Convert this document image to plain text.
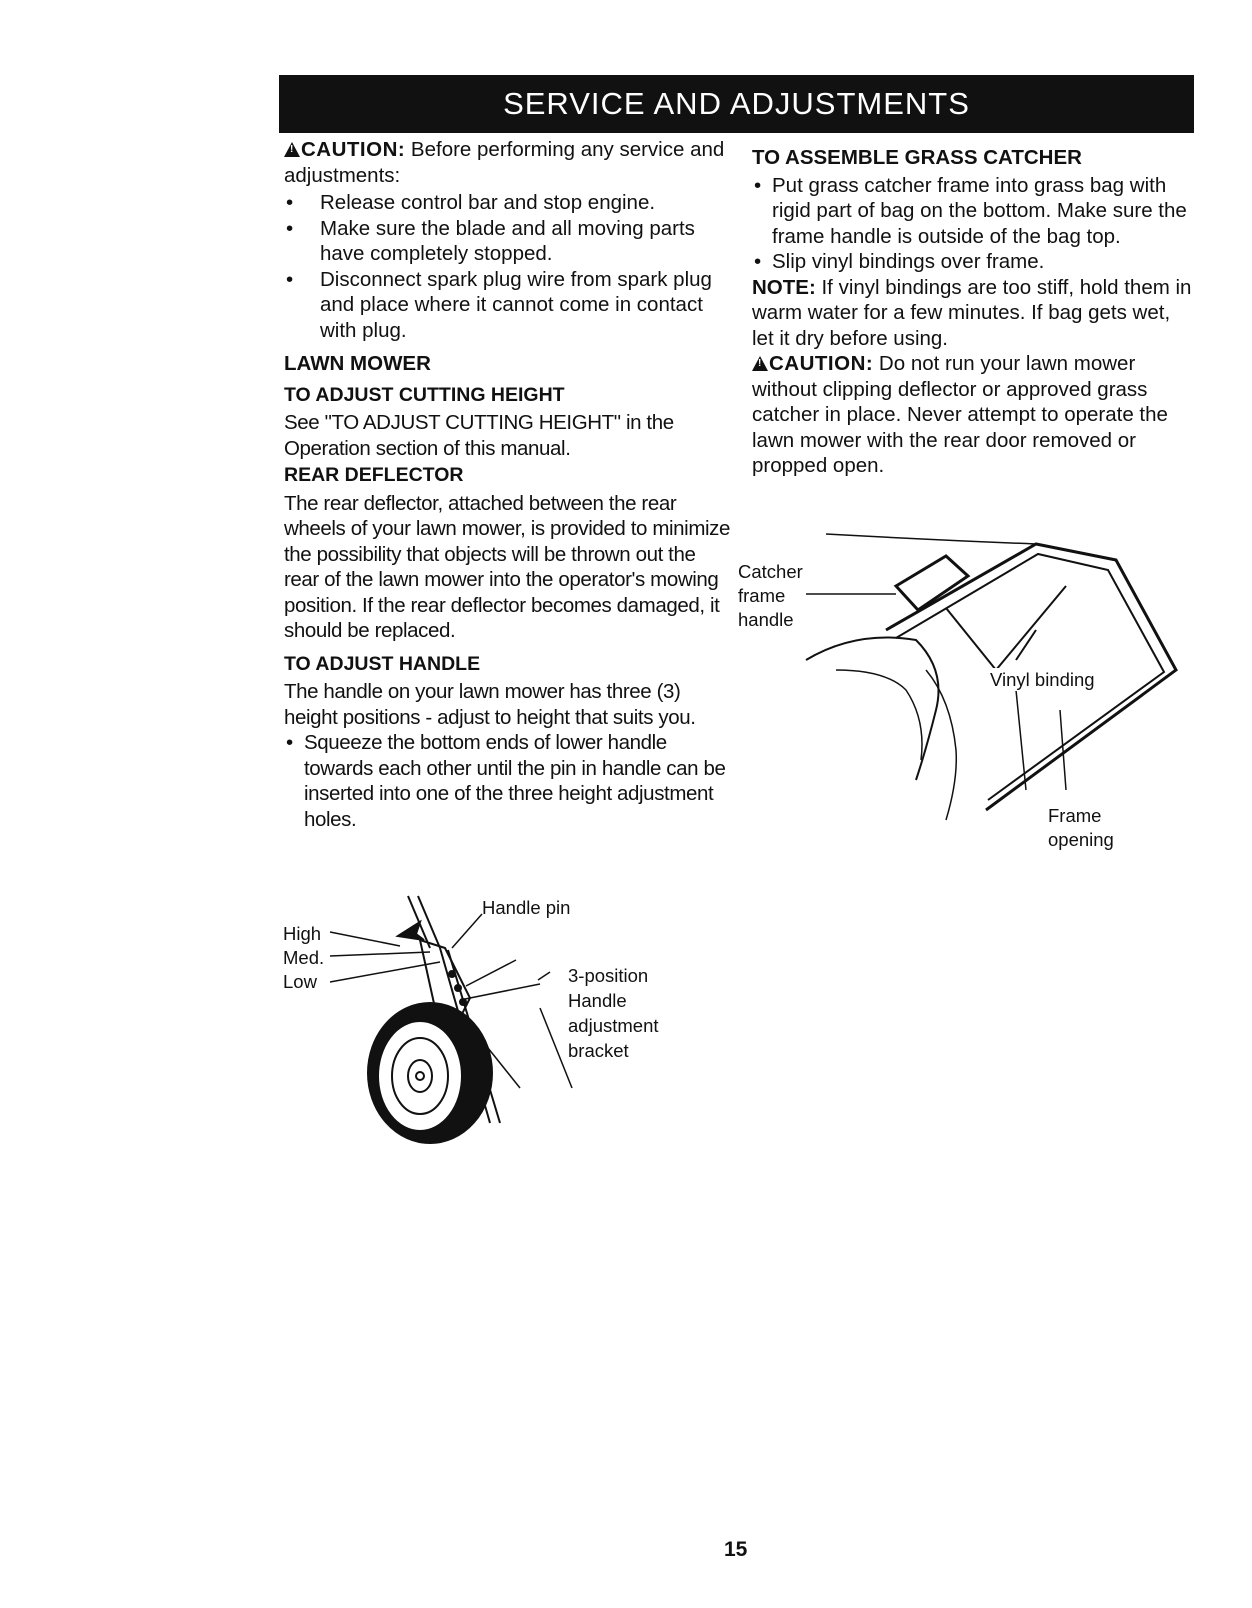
SERVICE AND ADJUSTMENTS

!CAUTION: Before performing any service and adjustments:

• Release control bar and stop engine.
• Make sure the blade and all moving parts have completely stopped.
• Disconnect spark plug wire from spark plug and place where it cannot come in contact with plug.
LAWN MOWER
TO ADJUST CUTTING HEIGHT

See "TO ADJUST CUTTING HEIGHT" in the Operation section of this manual.

REAR DEFLECTOR

The rear deflector, attached between the rear wheels of your lawn mower, is provided to minimize the possibility that objects will be thrown out the rear of the lawn mower into the operator's mowing position. If the rear deflector becomes damaged, it should be replaced.

TO ADJUST HANDLE

The handle on your lawn mower has three (3) height positions - adjust to height that suits you.

• Squeeze the bottom ends of lower handle towards each other until the pin in handle can be inserted into one of the three height adjustment holes.
TO ASSEMBLE GRASS CATCHER
• Put grass catcher frame into grass bag with rigid part of bag on the bottom. Make sure the frame handle is outside of the bag top.
• Slip vinyl bindings over frame.

NOTE: If vinyl bindings are too stiff, hold them in warm water for a few minutes. If bag gets wet, let it dry before using.

!CAUTION: Do not run your lawn mower without clipping deflector or approved grass catcher in place. Never attempt to operate the lawn mower with the rear door removed or propped open.

Handle pin
High
Med.
Low	3-position
Handle
adjustment
bracket
Catcher
frame
handle
Vinyl binding
Frame
opening
15
